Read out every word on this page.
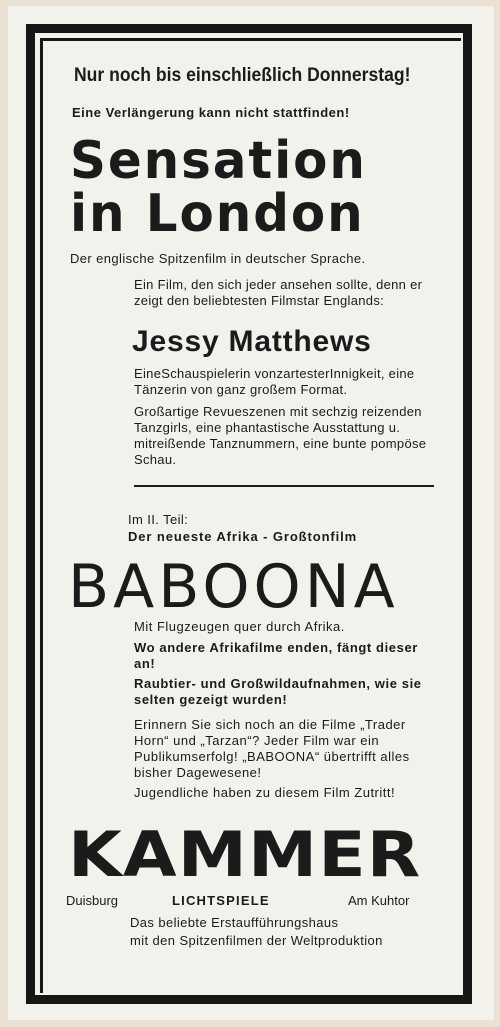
Nur noch bis einschließlich Donnerstag!
Eine Verlängerung kann nicht stattfinden!
Sensation
in London
Der englische Spitzenfilm in deutscher Sprache.
Ein Film, den sich jeder ansehen sollte, denn er zeigt den beliebtesten Filmstar Englands:
Jessy Matthews
EineSchauspielerin vonzartesterInnigkeit, eine Tänzerin von ganz großem Format.
Großartige Revueszenen mit sechzig reizenden Tanzgirls, eine phantastische Ausstattung u. mitreißende Tanznummern, eine bunte pompöse Schau.
Im II. Teil:
Der neueste Afrika - Großtonfilm
BABOONA
Mit Flugzeugen quer durch Afrika.
Wo andere Afrikafilme enden, fängt dieser an!
Raubtier- und Großwildaufnahmen, wie sie selten gezeigt wurden!
Erinnern Sie sich noch an die Filme „Trader Horn“ und „Tarzan“? Jeder Film war ein Publikumserfolg! „BABOONA“ übertrifft alles bisher Dagewesene!
Jugendliche haben zu diesem Film Zutritt!
KAMMER
Duisburg	LICHTSPIELE	Am Kuhtor
Das beliebte Erstaufführungshaus
mit den Spitzenfilmen der Weltproduktion
